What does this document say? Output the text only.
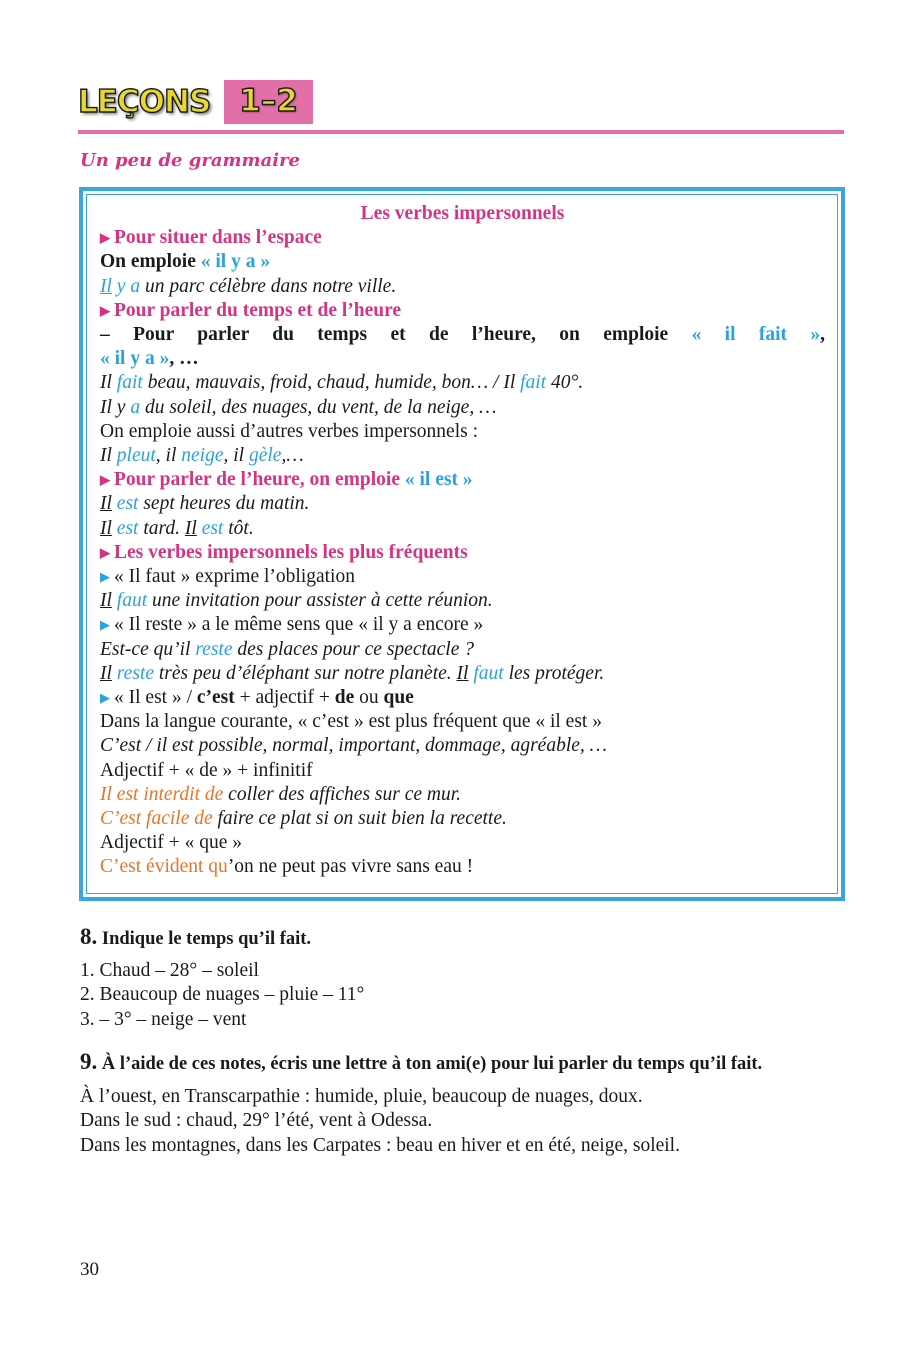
LEÇONS 1–2
Un peu de grammaire
Les verbes impersonnels
▶ Pour situer dans l’espace
On emploie « il y a »
Il y a un parc célèbre dans notre ville.
▶ Pour parler du temps et de l’heure
– Pour parler du temps et de l’heure, on emploie « il fait »,
« il y a », …
Il fait beau, mauvais, froid, chaud, humide, bon… / Il fait 40°.
Il y a du soleil, des nuages, du vent, de la neige, …
On emploie aussi d’autres verbes impersonnels :
Il pleut, il neige, il gèle,…
▶ Pour parler de l’heure, on emploie « il est »
Il est sept heures du matin.
Il est tard. Il est tôt.
▶ Les verbes impersonnels les plus fréquents
▶ « Il faut » exprime l’obligation
Il faut une invitation pour assister à cette réunion.
▶ « Il reste » a le même sens que « il y a encore »
Est-ce qu’il reste des places pour ce spectacle ?
Il reste très peu d’éléphant sur notre planète. Il faut les protéger.
▶ « Il est » / c’est + adjectif + de ou que
Dans la langue courante, « c’est » est plus fréquent que « il est »
C’est / il est possible, normal, important, dommage, agréable, …
Adjectif + « de » + infinitif
Il est interdit de coller des affiches sur ce mur.
C’est facile de faire ce plat si on suit bien la recette.
Adjectif + « que »
C’est évident qu’on ne peut pas vivre sans eau !
8. Indique le temps qu’il fait.
1. Chaud – 28° – soleil
2. Beaucoup de nuages – pluie – 11°
3. – 3° – neige – vent
9. À l’aide de ces notes, écris une lettre à ton ami(e) pour lui parler du temps qu’il fait.
À l’ouest, en Transcarpathie : humide, pluie, beaucoup de nuages, doux.
Dans le sud : chaud, 29° l’été, vent à Odessa.
Dans les montagnes, dans les Carpates : beau en hiver et en été, neige, soleil.
30
